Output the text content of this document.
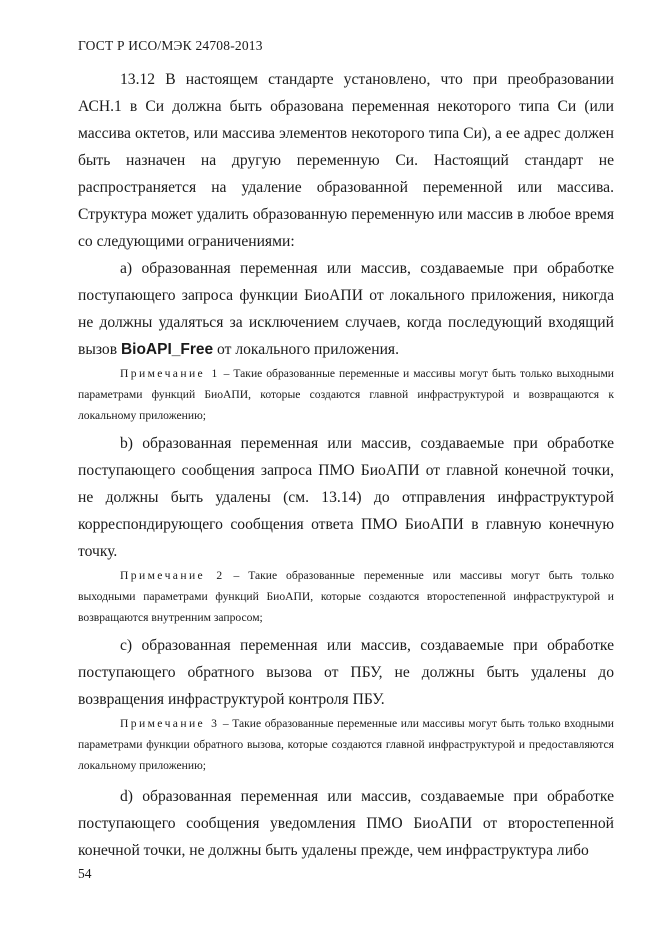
ГОСТ Р ИСО/МЭК 24708-2013

13.12 В настоящем стандарте установлено, что при преобразовании АСН.1 в Си должна быть образована переменная некоторого типа Си (или массива октетов, или массива элементов некоторого типа Си), а ее адрес должен быть назначен на другую переменную Си. Настоящий стандарт не распространяется на удаление образованной переменной или массива. Структура может удалить образованную переменную или массив в любое время со следующими ограничениями:

а) образованная переменная или массив, создаваемые при обработке поступающего запроса функции БиоАПИ от локального приложения, никогда не должны удаляться за исключением случаев, когда последующий входящий вызов BioAPI_Free от локального приложения.

Примечание 1 – Такие образованные переменные и массивы могут быть только выходными параметрами функций БиоАПИ, которые создаются главной инфраструктурой и возвращаются к локальному приложению;

b) образованная переменная или массив, создаваемые при обработке поступающего сообщения запроса ПМО БиоАПИ от главной конечной точки, не должны быть удалены (см. 13.14) до отправления инфраструктурой корреспондирующего сообщения ответа ПМО БиоАПИ в главную конечную точку.

Примечание 2 – Такие образованные переменные или массивы могут быть только выходными параметрами функций БиоАПИ, которые создаются второстепенной инфраструктурой и возвращаются внутренним запросом;

с) образованная переменная или массив, создаваемые при обработке поступающего обратного вызова от ПБУ, не должны быть удалены до возвращения инфраструктурой контроля ПБУ.

Примечание 3 – Такие образованные переменные или массивы могут быть только входными параметрами функции обратного вызова, которые создаются главной инфраструктурой и предоставляются локальному приложению;

d) образованная переменная или массив, создаваемые при обработке поступающего сообщения уведомления ПМО БиоАПИ от второстепенной конечной точки, не должны быть удалены прежде, чем инфраструктура либо

54
